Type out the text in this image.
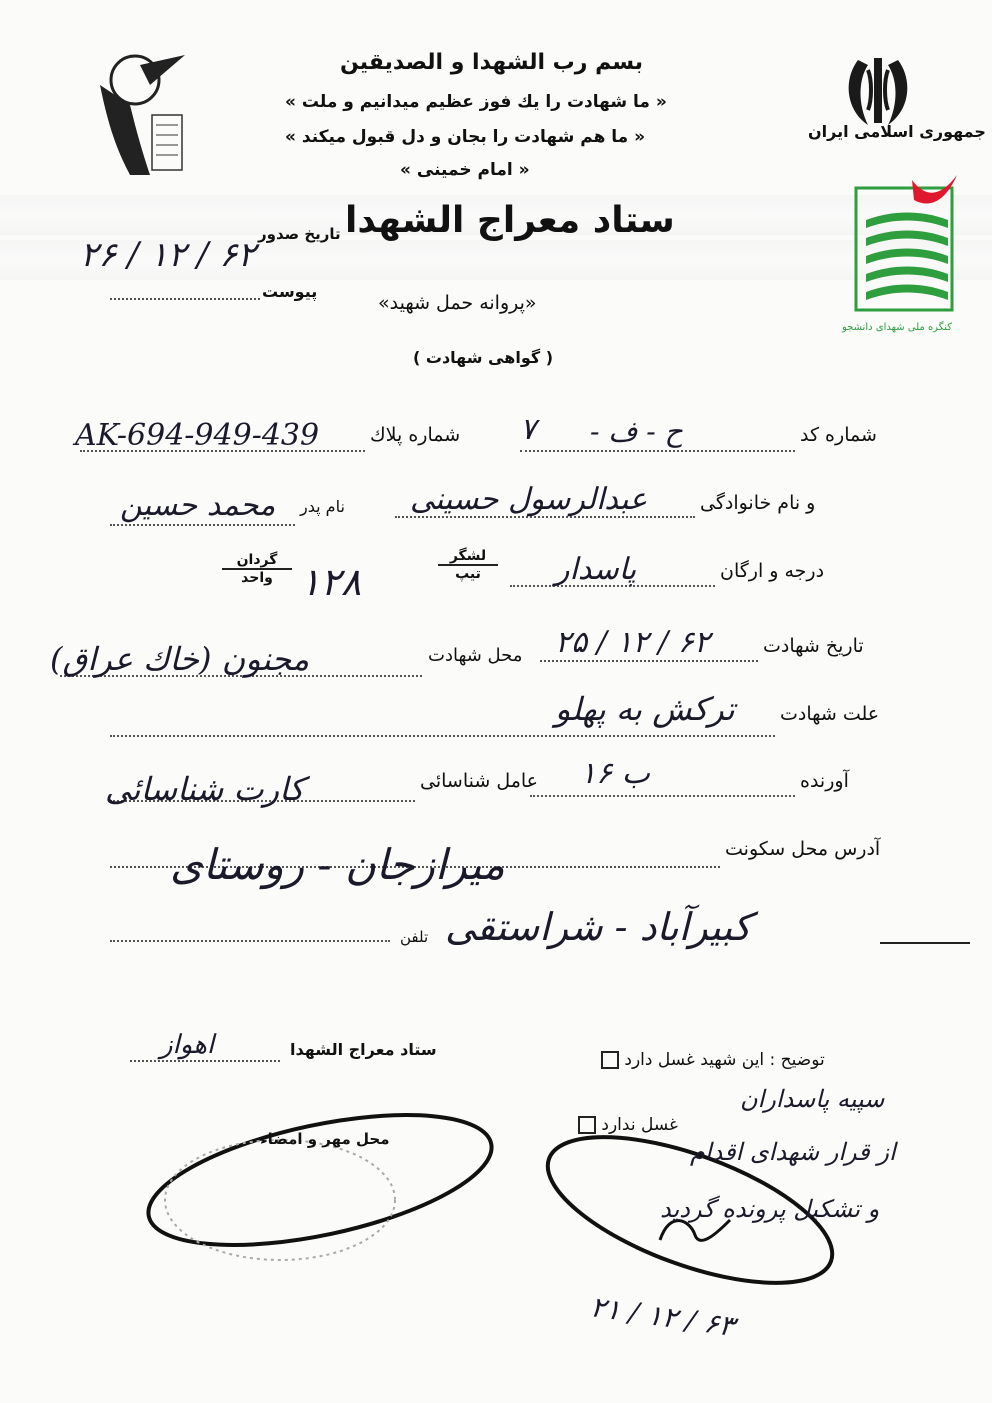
جمهوری اسلامی ایران
کنگره ملی شهدای دانشجو
بسم رب الشهدا و الصدیقین
« ما شهادت را یك فوز عظیم میدانیم و ملت »
« ما هم شهادت را بجان و دل قبول میکند »
« امام خمینی »
ستاد معراج الشهدا
تاریخ صدور
۲۶ / ۱۲ / ۶۲
پیوست
«پروانه حمل شهید»
( گواهی شهادت )
شماره کد
ح - ف -
۷
شماره پلاك
AK-694-949-439
و نام خانوادگی
عبدالرسول حسینی
نام پدر
محمد حسین
درجه و ارگان
پاسدار
لشگر
تیپ
۱۲۸
گردان
واحد
تاریخ شهادت
۲۵ / ۱۲ / ۶۲
محل شهادت
مجنون (خاك عراق)
علت شهادت
ترکش به پهلو
آورنده
ب ۱۶
عامل شناسائی
کارت شناسائی
آدرس محل سکونت
میرازجان - روستای
کبیرآباد - شراستقی
تلفن
ستاد معراج الشهدا
اهواز	توضیح : این شهید غسل دارد
غسل ندارد
محل مهر و امضاء
سپیه پاسداران
از قرار شهدای اقدام
و تشکیل پرونده گردید
۲۱ / ۱۲ / ۶۳
